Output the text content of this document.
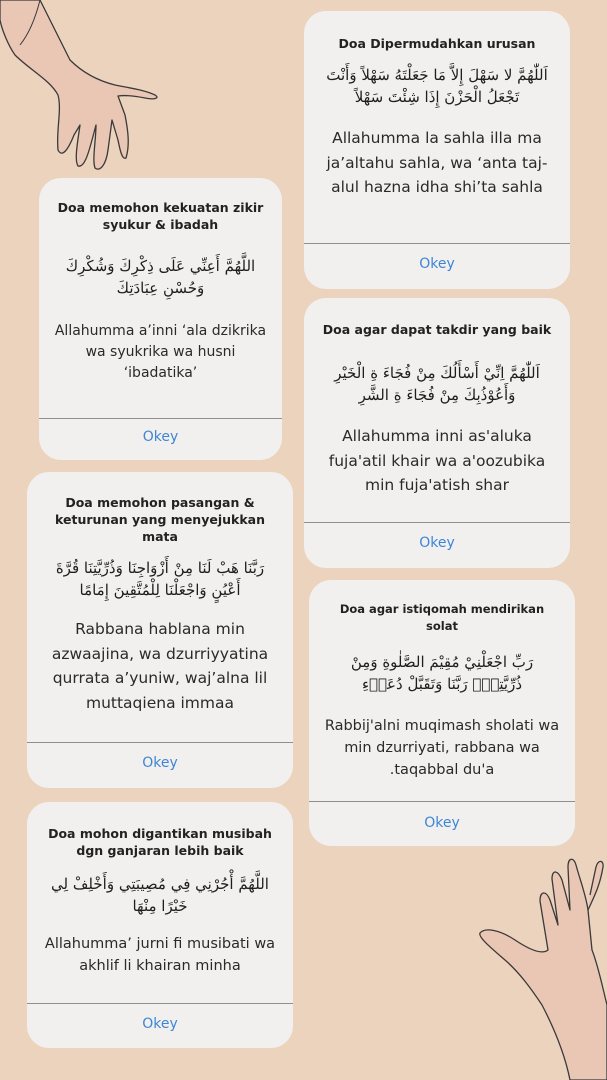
Doa Dipermudahkan urusan
اَللّٰهُمَّ لا سَهْلَ إِلاَّ مَا جَعَلْتَهُ سَهْلاً وَأَنْتَ تَجْعَلُ الْحَزْنَ إِذَا شِئْتَ سَهْلاً
Allahumma la sahla illa ma ja’altahu sahla, wa ‘anta taj-alul hazna idha shi’ta sahla
Okey
Doa memohon kekuatan zikir syukur & ibadah
اللَّهُمَّ أَعِنِّي عَلَى ذِكْرِكَ وَشُكْرِكَ وَحُسْنِ عِبَادَتِكَ
Allahumma a’inni ‘ala dzikrika wa syukrika wa husni ‘ibadatika’
Okey
Doa agar dapat takdir yang baik
اَللّٰهُمَّ اِنِّيْ أَسْأَلُكَ مِنْ فُجَاءَ ةِ الْخَيْرِ وَأَعُوْذُبِكَ مِنْ فُجَاءَ ةِ الشَّرِ
Allahumma inni as'aluka fuja'atil khair wa a'oozubika min fuja'atish shar
Okey
Doa memohon pasangan & keturunan yang menyejukkan mata
رَبَّنَا هَبْ لَنَا مِنْ أَزْوَاجِنَا وَذُرِّيَّتِنَا قُرَّةَ أَعْيُنٍ وَاجْعَلْنَا لِلْمُتَّقِينَ إِمَامًا
Rabbana hablana min azwaajina, wa dzurriyyatina qurrata a’yuniw, waj’alna lil muttaqiena immaa
Okey
Doa agar istiqomah mendirikan solat
رَبِّ اجْعَلْنِيْ مُقِيْمَ الصَّلٰوةِ وَمِنْ ذُرِّيَّتِيْۖ رَبَّنَا وَتَقَبَّلْ دُعَاۤءِ
Rabbij'alni muqimash sholati wa min dzurriyati, rabbana wa .taqabbal du'a
Okey
Doa mohon digantikan musibah dgn ganjaran lebih baik
اللَّهُمَّ أْجُرْنِي فِي مُصِيبَتِي وَأَخْلِفْ لِي خَيْرًا مِنْهَا
Allahumma’ jurni fi musibati wa akhlif li khairan minha
Okey
